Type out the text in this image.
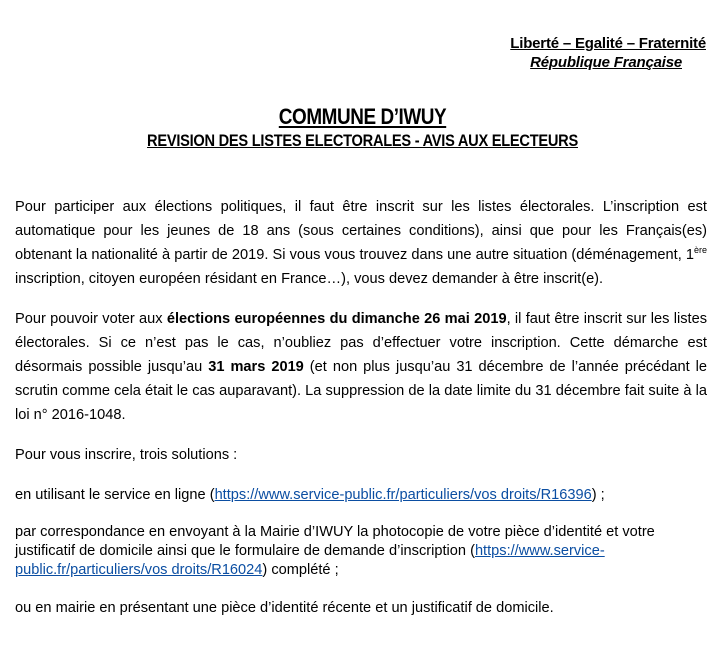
Liberté – Egalité – Fraternité
République Française
COMMUNE D’IWUY
REVISION DES LISTES ELECTORALES - AVIS AUX ELECTEURS

Pour participer aux élections politiques, il faut être inscrit sur les listes électorales. L’inscription est automatique pour les jeunes de 18 ans (sous certaines conditions), ainsi que pour les Français(es) obtenant la nationalité à partir de 2019. Si vous vous trouvez dans une autre situation (déménagement, 1ère inscription, citoyen européen résidant en France…), vous devez demander à être inscrit(e).

Pour pouvoir voter aux élections européennes du dimanche 26 mai 2019, il faut être inscrit sur les listes électorales. Si ce n’est pas le cas, n’oubliez pas d’effectuer votre inscription. Cette démarche est désormais possible jusqu’au 31 mars 2019 (et non plus jusqu’au 31 décembre de l’année précédant le scrutin comme cela était le cas auparavant). La suppression de la date limite du 31 décembre fait suite à la loi n° 2016-1048.

Pour vous inscrire, trois solutions :

en utilisant le service en ligne (https://www.service-public.fr/particuliers/vos droits/R16396) ;

par correspondance en envoyant à la Mairie d’IWUY la photocopie de votre pièce d’identité et votre justificatif de domicile ainsi que le formulaire de demande d’inscription (https://www.service-public.fr/particuliers/vos droits/R16024) complété ;

ou en mairie en présentant une pièce d’identité récente et un justificatif de domicile.
